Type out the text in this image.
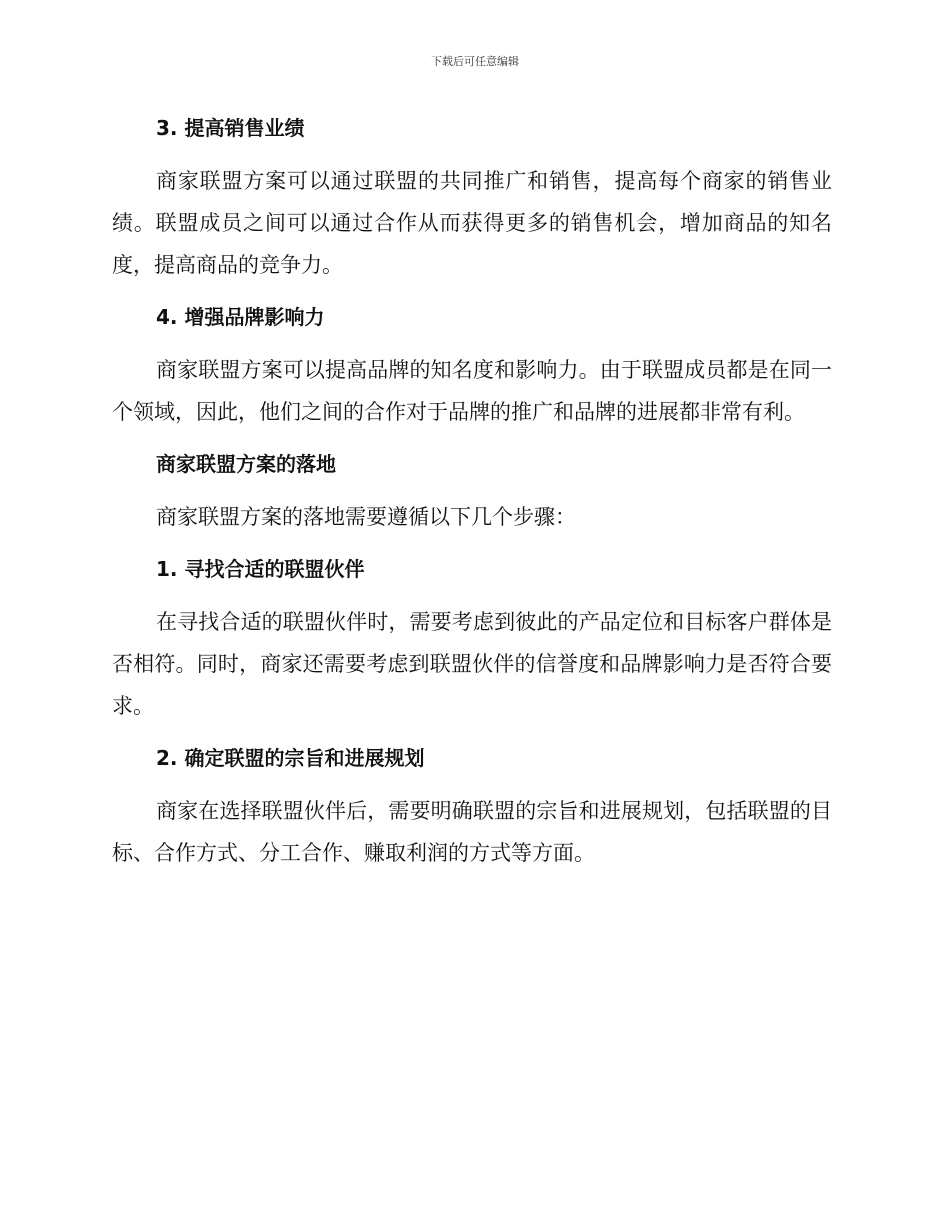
下载后可任意编辑
3. 提高销售业绩

商家联盟方案可以通过联盟的共同推广和销售，提高每个商家的销售业绩。联盟成员之间可以通过合作从而获得更多的销售机会，增加商品的知名度，提高商品的竞争力。

4. 增强品牌影响力

商家联盟方案可以提高品牌的知名度和影响力。由于联盟成员都是在同一个领域，因此，他们之间的合作对于品牌的推广和品牌的进展都非常有利。

商家联盟方案的落地

商家联盟方案的落地需要遵循以下几个步骤：

1. 寻找合适的联盟伙伴

在寻找合适的联盟伙伴时，需要考虑到彼此的产品定位和目标客户群体是否相符。同时，商家还需要考虑到联盟伙伴的信誉度和品牌影响力是否符合要求。

2. 确定联盟的宗旨和进展规划

商家在选择联盟伙伴后，需要明确联盟的宗旨和进展规划，包括联盟的目标、合作方式、分工合作、赚取利润的方式等方面。
